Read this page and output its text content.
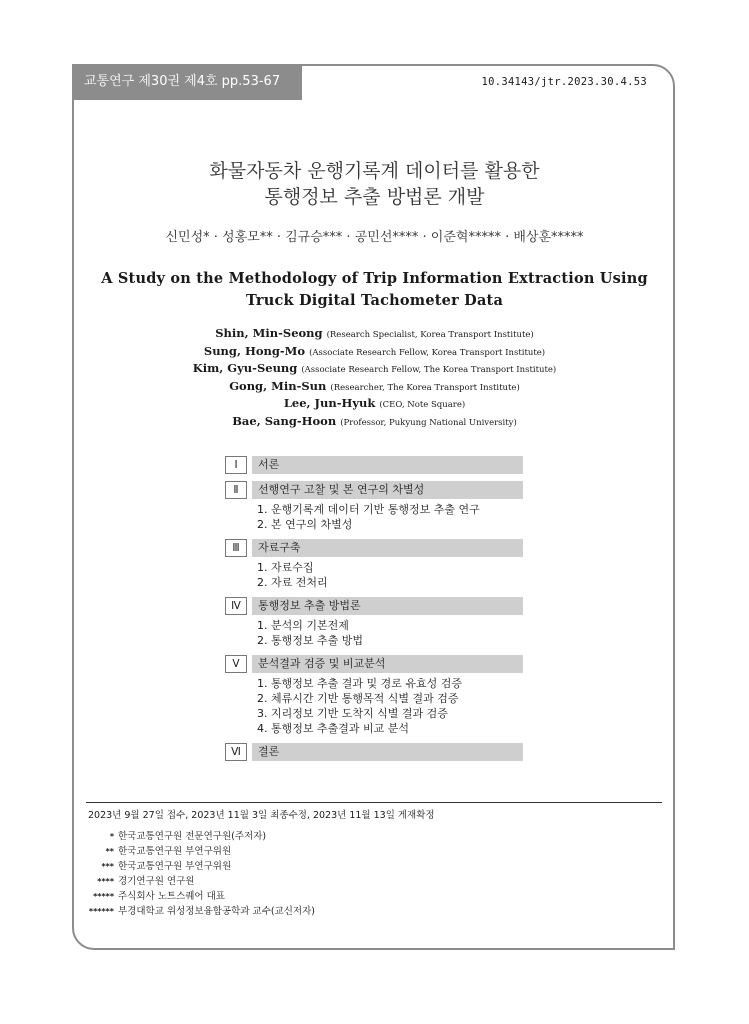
교통연구 제30권 제4호 pp.53-67	10.34143/jtr.2023.30.4.53
화물자동차 운행기록계 데이터를 활용한
통행정보 추출 방법론 개발
신민성* · 성홍모** · 김규승*** · 공민선**** · 이준혁***** · 배상훈*****
A Study on the Methodology of Trip Information Extraction Using
Truck Digital Tachometer Data
Shin, Min-Seong (Research Specialist, Korea Transport Institute)
Sung, Hong-Mo (Associate Research Fellow, Korea Transport Institute)
Kim, Gyu-Seung (Associate Research Fellow, The Korea Transport Institute)
Gong, Min-Sun (Researcher, The Korea Transport Institute)
Lee, Jun-Hyuk (CEO, Note Square)
Bae, Sang-Hoon (Professor, Pukyung National University)
Ⅰ	서론
Ⅱ	선행연구 고찰 및 본 연구의 차별성
1. 운행기록계 데이터 기반 통행정보 추출 연구
2. 본 연구의 차별성
Ⅲ	자료구축
1. 자료수집
2. 자료 전처리
Ⅳ	통행정보 추출 방법론
1. 분석의 기본전제
2. 통행정보 추출 방법
Ⅴ	분석결과 검증 및 비교분석
1. 통행정보 추출 결과 및 경로 유효성 검증
2. 체류시간 기반 통행목적 식별 결과 검증
3. 지리정보 기반 도착지 식별 결과 검증
4. 통행정보 추출결과 비교 분석
Ⅵ	결론
2023년 9월 27일 접수, 2023년 11월 3일 최종수정, 2023년 11월 13일 게재확정
* 한국교통연구원 전문연구원(주저자)
** 한국교통연구원 부연구위원
*** 한국교통연구원 부연구위원
**** 경기연구원 연구원
***** 주식회사 노트스퀘어 대표
****** 부경대학교 위성정보융합공학과 교수(교신저자)
